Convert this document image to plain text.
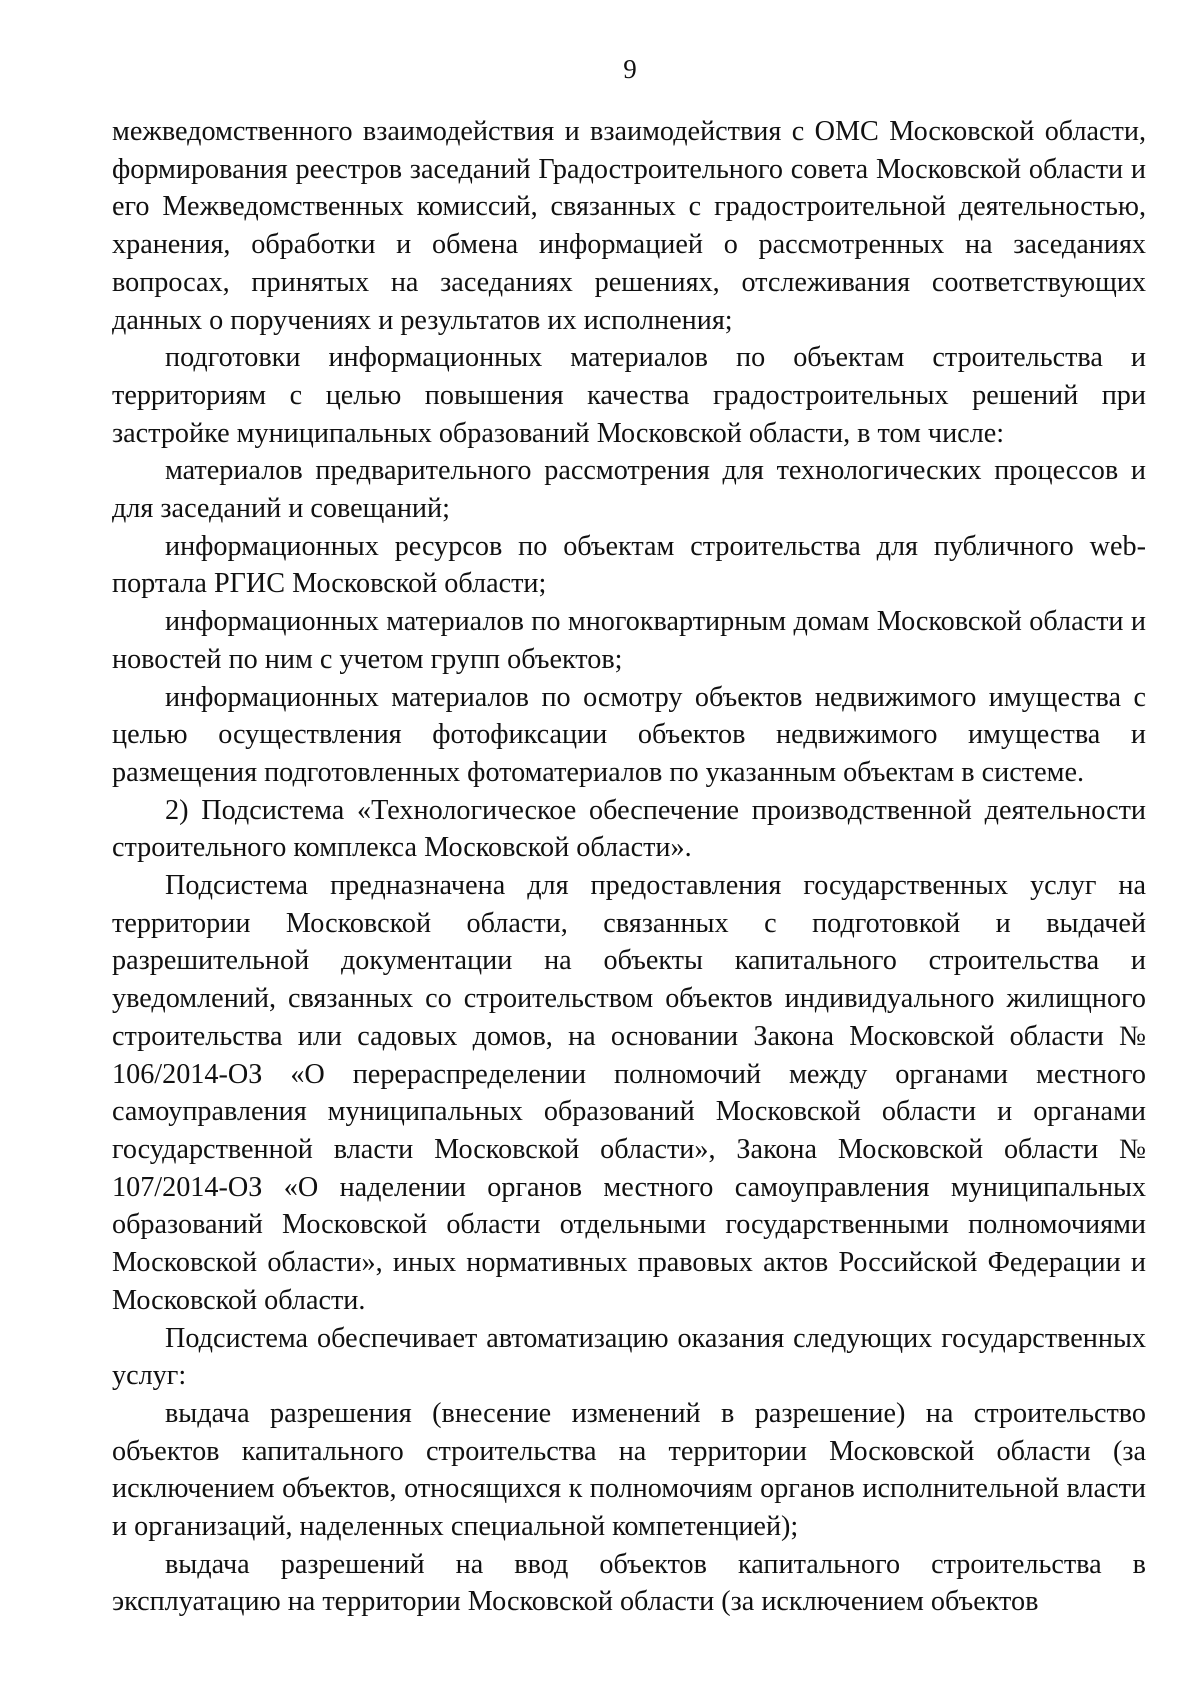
9

межведомственного взаимодействия и взаимодействия с ОМС Московской области, формирования реестров заседаний Градостроительного совета Московской области и его Межведомственных комиссий, связанных с градостроительной деятельностью, хранения, обработки и обмена информацией о рассмотренных на заседаниях вопросах, принятых на заседаниях решениях, отслеживания соответствующих данных о поручениях и результатов их исполнения;

подготовки информационных материалов по объектам строительства и территориям с целью повышения качества градостроительных решений при застройке муниципальных образований Московской области, в том числе:

материалов предварительного рассмотрения для технологических процессов и для заседаний и совещаний;

информационных ресурсов по объектам строительства для публичного web-портала РГИС Московской области;

информационных материалов по многоквартирным домам Московской области и новостей по ним с учетом групп объектов;

информационных материалов по осмотру объектов недвижимого имущества с целью осуществления фотофиксации объектов недвижимого имущества и размещения подготовленных фотоматериалов по указанным объектам в системе.

2) Подсистема «Технологическое обеспечение производственной деятельности строительного комплекса Московской области».

Подсистема предназначена для предоставления государственных услуг на территории Московской области, связанных с подготовкой и выдачей разрешительной документации на объекты капитального строительства и уведомлений, связанных со строительством объектов индивидуального жилищного строительства или садовых домов, на основании Закона Московской области № 106/2014-ОЗ «О перераспределении полномочий между органами местного самоуправления муниципальных образований Московской области и органами государственной власти Московской области», Закона Московской области № 107/2014-ОЗ «О наделении органов местного самоуправления муниципальных образований Московской области отдельными государственными полномочиями Московской области», иных нормативных правовых актов Российской Федерации и Московской области.

Подсистема обеспечивает автоматизацию оказания следующих государственных услуг:

выдача разрешения (внесение изменений в разрешение) на строительство объектов капитального строительства на территории Московской области (за исключением объектов, относящихся к полномочиям органов исполнительной власти и организаций, наделенных специальной компетенцией);

выдача разрешений на ввод объектов капитального строительства в эксплуатацию на территории Московской области (за исключением объектов
